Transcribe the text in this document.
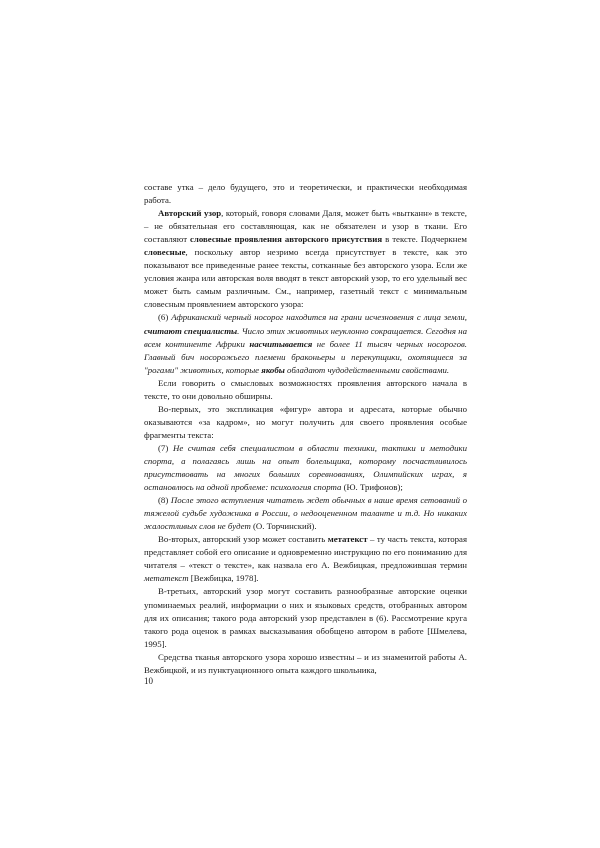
составе утка – дело будущего, это и теоретически, и практически необходимая работа.

Авторский узор, который, говоря словами Даля, может быть «вытканн» в тексте, – не обязательная его составляющая, как не обязателен и узор в ткани. Его составляют словесные проявления авторского присутствия в тексте. Подчеркнем словесные, поскольку автор незримо всегда присутствует в тексте, как это показывают все приведенные ранее тексты, сотканные без авторского узора. Если же условия жанра или авторская воля вводят в текст авторский узор, то его удельный вес может быть самым различным. См., например, газетный текст с минимальным словесным проявлением авторского узора:

(6) Африканский черный носорог находится на грани исчезновения с лица земли, считают специалисты. Число этих животных неуклонно сокращается. Сегодня на всем континенте Африки насчитывается не более 11 тысяч черных носорогов. Главный бич носорожьего племени браконьеры и перекупщики, охотящиеся за "рогами" животных, которые якобы обладают чудодейственными свойствами.

Если говорить о смысловых возможностях проявления авторского начала в тексте, то они довольно обширны.

Во-первых, это экспликация «фигур» автора и адресата, которые обычно оказываются «за кадром», но могут получить для своего проявления особые фрагменты текста:

(7) Не считая себя специалистом в области техники, тактики и методики спорта, а полагаясь лишь на опыт болельщика, которому посчастливилось присутствовать на многих больших соревнованиях, Олимпийских играх, я остановлюсь на одной проблеме: психология спорта (Ю. Трифонов);

(8) После этого вступления читатель ждет обычных в наше время сетований о тяжелой судьбе художника в России, о недооцененном таланте и т.д. Но никаких жалостливых слов не будет (О. Торчинский).

Во-вторых, авторский узор может составить метатекст – ту часть текста, которая представляет собой его описание и одновременно инструкцию по его пониманию для читателя – «текст о тексте», как назвала его А. Вежбицкая, предложившая термин метатекст [Вежбицка, 1978].

В-третьих, авторский узор могут составить разнообразные авторские оценки упоминаемых реалий, информации о них и языковых средств, отобранных автором для их описания; такого рода авторский узор представлен в (6). Рассмотрение круга такого рода оценок в рамках высказывания обобщено автором в работе [Шмелева, 1995].

Средства тканья авторского узора хорошо известны – и из знаменитой работы А. Вежбицкой, и из пунктуационного опыта каждого школьника,

10
